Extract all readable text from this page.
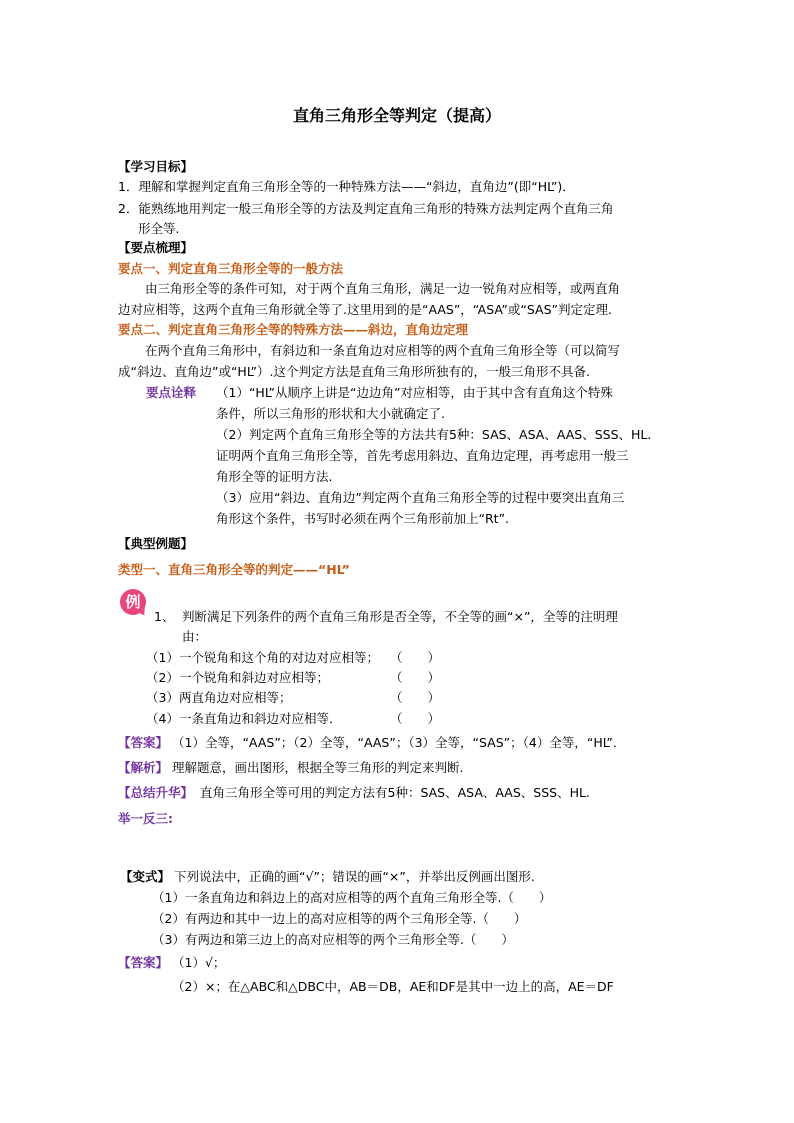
直角三角形全等判定（提高）
【学习目标】
1．理解和掌握判定直角三角形全等的一种特殊方法——“斜边，直角边”(即“HL”)．
2．能熟练地用判定一般三角形全等的方法及判定直角三角形的特殊方法判定两个直角三角
形全等.
【要点梳理】
要点一、判定直角三角形全等的一般方法
由三角形全等的条件可知，对于两个直角三角形，满足一边一锐角对应相等，或两直角
边对应相等，这两个直角三角形就全等了.这里用到的是“AAS”，“ASA”或“SAS”判定定理.
要点二、判定直角三角形全等的特殊方法——斜边，直角边定理
在两个直角三角形中，有斜边和一条直角边对应相等的两个直角三角形全等（可以简写
成“斜边、直角边”或“HL”）.这个判定方法是直角三角形所独有的，一般三角形不具备.
要点诠释 （1）“HL”从顺序上讲是“边边角”对应相等，由于其中含有直角这个特殊
条件，所以三角形的形状和大小就确定了.
（2）判定两个直角三角形全等的方法共有5种：SAS、ASA、AAS、SSS、HL.
证明两个直角三角形全等，首先考虑用斜边、直角边定理，再考虑用一般三
角形全等的证明方法.
（3）应用“斜边、直角边”判定两个直角三角形全等的过程中要突出直角三
角形这个条件，书写时必须在两个三角形前加上“Rt”.
【典型例题】
类型一、直角三角形全等的判定——“HL”
例
1、 判断满足下列条件的两个直角三角形是否全等，不全等的画“×”，全等的注明理
由：
（1）一个锐角和这个角的对边对应相等； （　　）
（2）一个锐角和斜边对应相等；	（　　）
（3）两直角边对应相等；	（　　）
（4）一条直角边和斜边对应相等．	（　　）
【答案】 （1）全等，“AAS”；（2）全等，“AAS”；（3）全等，“SAS”；（4）全等，“HL”．
【解析】 理解题意，画出图形，根据全等三角形的判定来判断.
【总结升华】 直角三角形全等可用的判定方法有5种：SAS、ASA、AAS、SSS、HL.
举一反三:
【变式】 下列说法中，正确的画“√”；错误的画“×”，并举出反例画出图形.
（1）一条直角边和斜边上的高对应相等的两个直角三角形全等.（　　）
（2）有两边和其中一边上的高对应相等的两个三角形全等.（　　）
（3）有两边和第三边上的高对应相等的两个三角形全等.（　　）
【答案】 （1）√；
（2）×；在△ABC和△DBC中，AB＝DB，AE和DF是其中一边上的高，AE＝DF
